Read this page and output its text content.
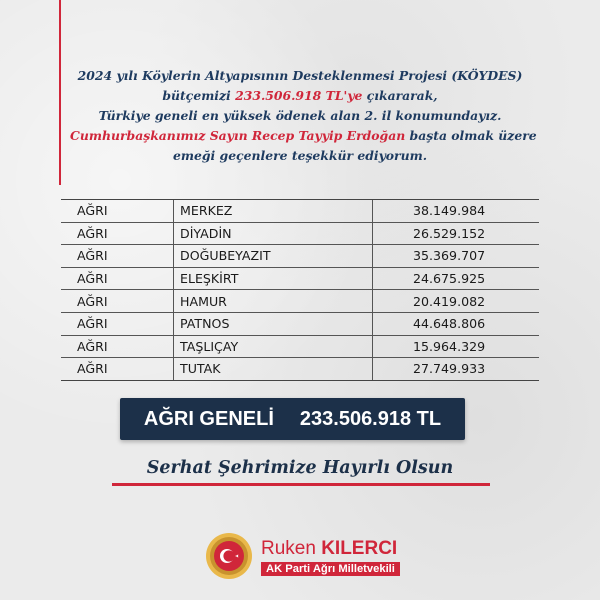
2024 yılı Köylerin Altyapısının Desteklenmesi Projesi (KÖYDES)
bütçemizi 233.506.918 TL'ye çıkararak,
Türkiye geneli en yüksek ödenek alan 2. il konumundayız.
Cumhurbaşkanımız Sayın Recep Tayyip Erdoğan başta olmak üzere
emeği geçenlere teşekkür ediyorum.
AĞRI	MERKEZ	38.149.984
AĞRI	DİYADİN	26.529.152
AĞRI	DOĞUBEYAZIT	35.369.707
AĞRI	ELEŞKİRT	24.675.925
AĞRI	HAMUR	20.419.082
AĞRI	PATNOS	44.648.806
AĞRI	TAŞLIÇAY	15.964.329
AĞRI	TUTAK	27.749.933
AĞRI GENELİ 233.506.918 TL
Serhat Şehrimize Hayırlı Olsun
Ruken KILERCI
AK Parti Ağrı Milletvekili
